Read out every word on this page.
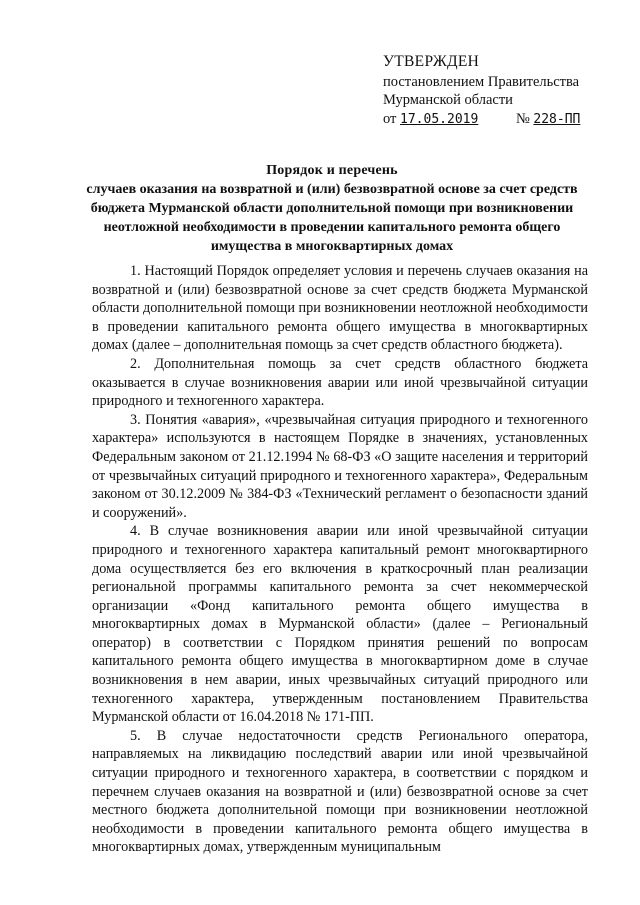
УТВЕРЖДЕН
постановлением Правительства
Мурманской области
от 17.05.2019	№ 228-ПП
Порядок и перечень
случаев оказания на возвратной и (или) безвозвратной основе за счет средств бюджета Мурманской области дополнительной помощи при возникновении неотложной необходимости в проведении капитального ремонта общего имущества в многоквартирных домах

1. Настоящий Порядок определяет условия и перечень случаев оказания на возвратной и (или) безвозвратной основе за счет средств бюджета Мурманской области дополнительной помощи при возникновении неотложной необходимости в проведении капитального ремонта общего имущества в многоквартирных домах (далее – дополнительная помощь за счет средств областного бюджета).

2. Дополнительная помощь за счет средств областного бюджета оказывается в случае возникновения аварии или иной чрезвычайной ситуации природного и техногенного характера.

3. Понятия «авария», «чрезвычайная ситуация природного и техногенного характера» используются в настоящем Порядке в значениях, установленных Федеральным законом от 21.12.1994 № 68-ФЗ «О защите населения и территорий от чрезвычайных ситуаций природного и техногенного характера», Федеральным законом от 30.12.2009 № 384-ФЗ «Технический регламент о безопасности зданий и сооружений».

4. В случае возникновения аварии или иной чрезвычайной ситуации природного и техногенного характера капитальный ремонт многоквартирного дома осуществляется без его включения в краткосрочный план реализации региональной программы капитального ремонта за счет некоммерческой организации «Фонд капитального ремонта общего имущества в многоквартирных домах в Мурманской области» (далее – Региональный оператор) в соответствии с Порядком принятия решений по вопросам капитального ремонта общего имущества в многоквартирном доме в случае возникновения в нем аварии, иных чрезвычайных ситуаций природного или техногенного характера, утвержденным постановлением Правительства Мурманской области от 16.04.2018 № 171-ПП.

5. В случае недостаточности средств Регионального оператора, направляемых на ликвидацию последствий аварии или иной чрезвычайной ситуации природного и техногенного характера, в соответствии с порядком и перечнем случаев оказания на возвратной и (или) безвозвратной основе за счет местного бюджета дополнительной помощи при возникновении неотложной необходимости в проведении капитального ремонта общего имущества в многоквартирных домах, утвержденным муниципальным
